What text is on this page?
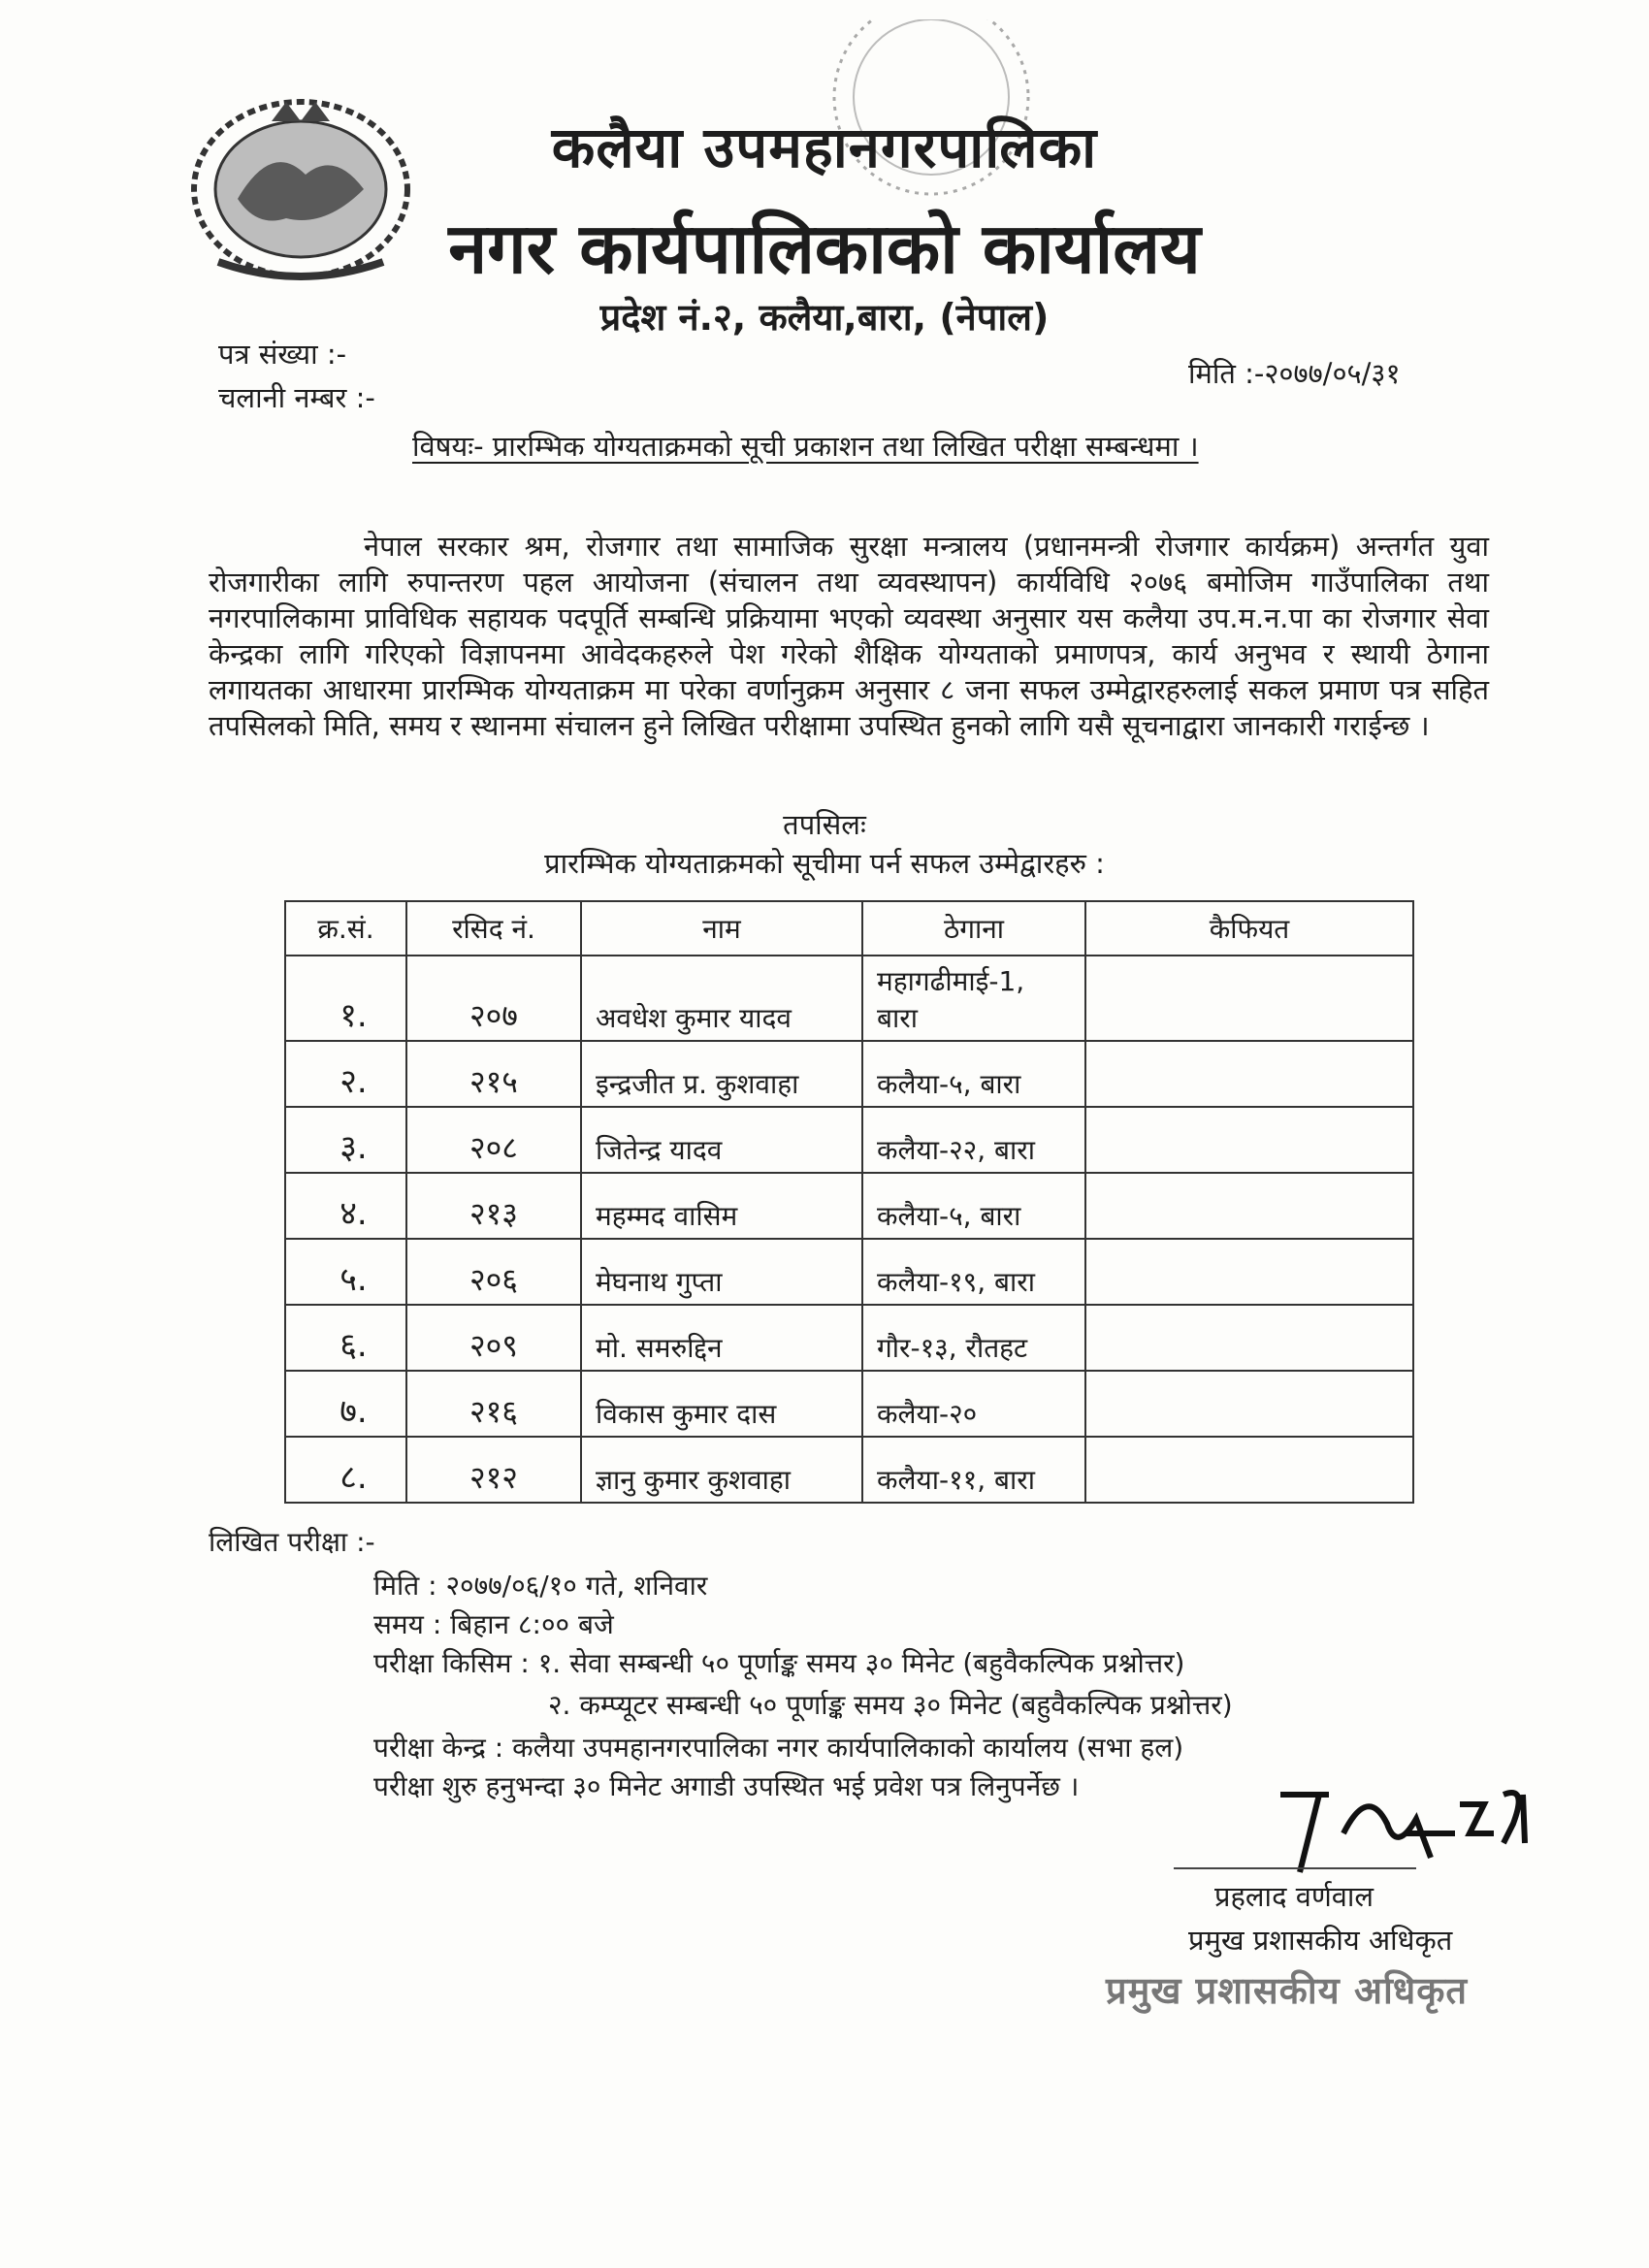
कलैया उपमहानगरपालिका
नगर कार्यपालिकाको कार्यालय
प्रदेश नं.२, कलैया,बारा, (नेपाल)
पत्र संख्या :-
मिति :-२०७७/०५/३१
चलानी नम्बर :-
विषयः- प्रारम्भिक योग्यताक्रमको सूची प्रकाशन तथा लिखित परीक्षा सम्बन्धमा ।
नेपाल सरकार श्रम, रोजगार तथा सामाजिक सुरक्षा मन्त्रालय (प्रधानमन्त्री रोजगार कार्यक्रम) अन्तर्गत युवा रोजगारीका लागि रुपान्तरण पहल आयोजना (संचालन तथा व्यवस्थापन) कार्यविधि २०७६ बमोजिम गाउँपालिका तथा नगरपालिकामा प्राविधिक सहायक पदपूर्ति सम्बन्धि प्रक्रियामा भएको व्यवस्था अनुसार यस कलैया उप.म.न.पा का रोजगार सेवा केन्द्रका लागि गरिएको विज्ञापनमा आवेदकहरुले पेश गरेको शैक्षिक योग्यताको प्रमाणपत्र, कार्य अनुभव र स्थायी ठेगाना लगायतका आधारमा प्रारम्भिक योग्यताक्रम मा परेका वर्णानुक्रम अनुसार ८ जना सफल उम्मेद्वारहरुलाई सकल प्रमाण पत्र सहित तपसिलको मिति, समय र स्थानमा संचालन हुने लिखित परीक्षामा उपस्थित हुनको लागि यसै सूचनाद्वारा जानकारी गराईन्छ ।
तपसिलः
प्रारम्भिक योग्यताक्रमको सूचीमा पर्न सफल उम्मेद्वारहरु :
क्र.सं.	रसिद नं.	नाम	ठेगाना	कैफियत
१.	२०७	अवधेश कुमार यादव	महागढीमाई-1, बारा	
२.	२१५	इन्द्रजीत प्र. कुशवाहा	कलैया-५, बारा	
३.	२०८	जितेन्द्र यादव	कलैया-२२, बारा	
४.	२१३	महम्मद वासिम	कलैया-५, बारा	
५.	२०६	मेघनाथ गुप्ता	कलैया-१९, बारा	
६.	२०९	मो. समरुद्दिन	गौर-१३, रौतहट	
७.	२१६	विकास कुमार दास	कलैया-२०	
८.	२१२	ज्ञानु कुमार कुशवाहा	कलैया-११, बारा	
लिखित परीक्षा :-
मिति : २०७७/०६/१० गते, शनिवार
समय : बिहान ८:०० बजे
परीक्षा किसिम : १. सेवा सम्बन्धी ५० पूर्णाङ्क समय ३० मिनेट (बहुवैकल्पिक प्रश्नोत्तर)
२. कम्प्यूटर सम्बन्धी ५० पूर्णाङ्क समय ३० मिनेट (बहुवैकल्पिक प्रश्नोत्तर)
परीक्षा केन्द्र : कलैया उपमहानगरपालिका नगर कार्यपालिकाको कार्यालय (सभा हल)
परीक्षा शुरु हनुभन्दा ३० मिनेट अगाडी उपस्थित भई प्रवेश पत्र लिनुपर्नेछ ।
प्रहलाद वर्णवाल
प्रमुख प्रशासकीय अधिकृत
प्रमुख प्रशासकीय अधिकृत
